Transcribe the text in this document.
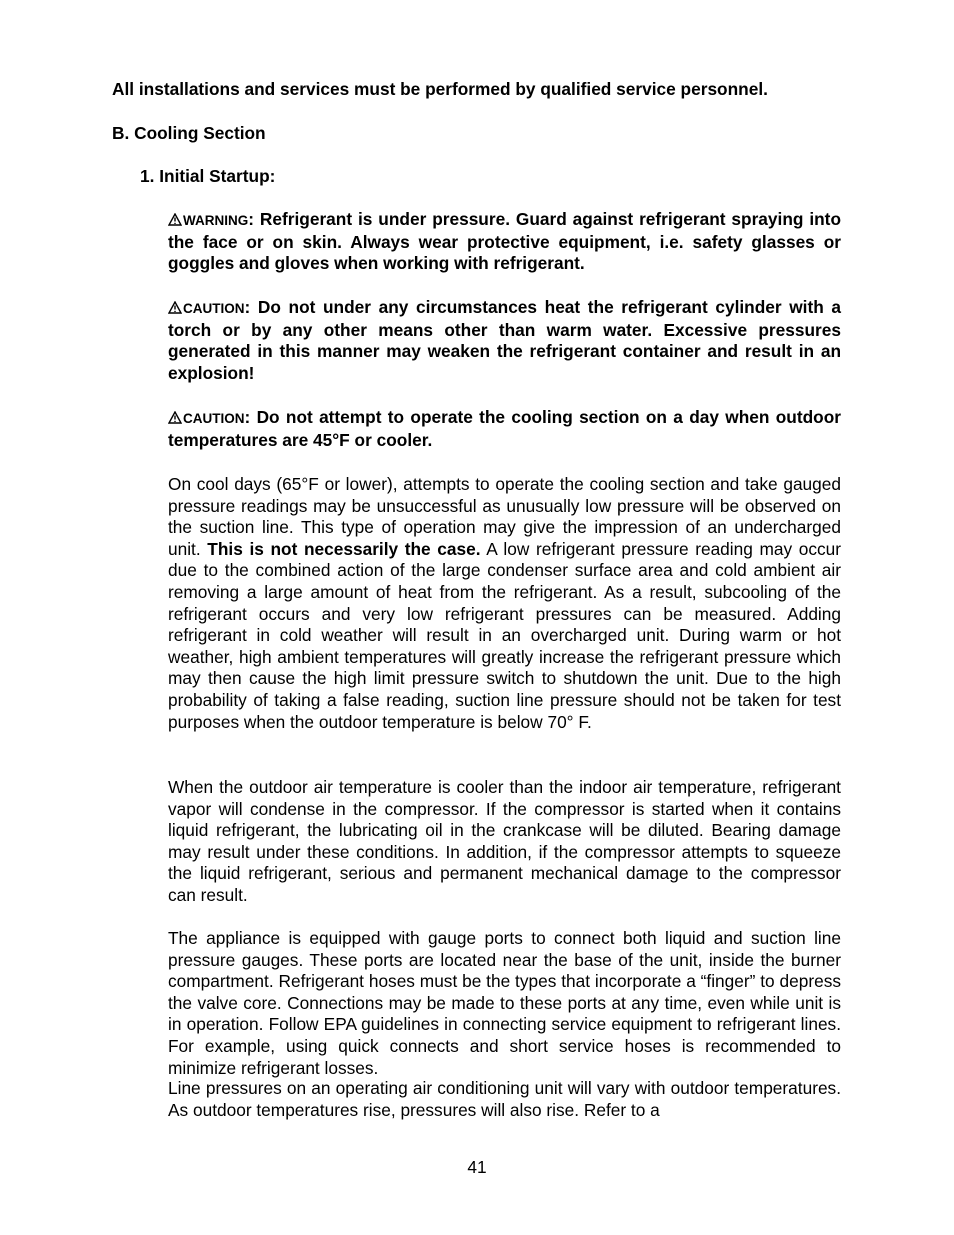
All installations and services must be performed by qualified service personnel.
B. Cooling Section
1. Initial Startup:
WARNING: Refrigerant is under pressure. Guard against refrigerant spraying into the face or on skin. Always wear protective equipment, i.e. safety glasses or goggles and gloves when working with refrigerant.
CAUTION: Do not under any circumstances heat the refrigerant cylinder with a torch or by any other means other than warm water. Excessive pressures generated in this manner may weaken the refrigerant container and result in an explosion!
CAUTION: Do not attempt to operate the cooling section on a day when outdoor temperatures are 45°F or cooler.
On cool days (65°F or lower), attempts to operate the cooling section and take gauged pressure readings may be unsuccessful as unusually low pressure will be observed on the suction line. This type of operation may give the impression of an undercharged unit. This is not necessarily the case. A low refrigerant pressure reading may occur due to the combined action of the large condenser surface area and cold ambient air removing a large amount of heat from the refrigerant. As a result, subcooling of the refrigerant occurs and very low refrigerant pressures can be measured. Adding refrigerant in cold weather will result in an overcharged unit. During warm or hot weather, high ambient temperatures will greatly increase the refrigerant pressure which may then cause the high limit pressure switch to shutdown the unit. Due to the high probability of taking a false reading, suction line pressure should not be taken for test purposes when the outdoor temperature is below 70° F.
When the outdoor air temperature is cooler than the indoor air temperature, refrigerant vapor will condense in the compressor. If the compressor is started when it contains liquid refrigerant, the lubricating oil in the crankcase will be diluted. Bearing damage may result under these conditions. In addition, if the compressor attempts to squeeze the liquid refrigerant, serious and permanent mechanical damage to the compressor can result.
The appliance is equipped with gauge ports to connect both liquid and suction line pressure gauges. These ports are located near the base of the unit, inside the burner compartment. Refrigerant hoses must be the types that incorporate a “finger” to depress the valve core. Connections may be made to these ports at any time, even while unit is in operation. Follow EPA guidelines in connecting service equipment to refrigerant lines. For example, using quick connects and short service hoses is recommended to minimize refrigerant losses.
Line pressures on an operating air conditioning unit will vary with outdoor temperatures. As outdoor temperatures rise, pressures will also rise. Refer to a
41
